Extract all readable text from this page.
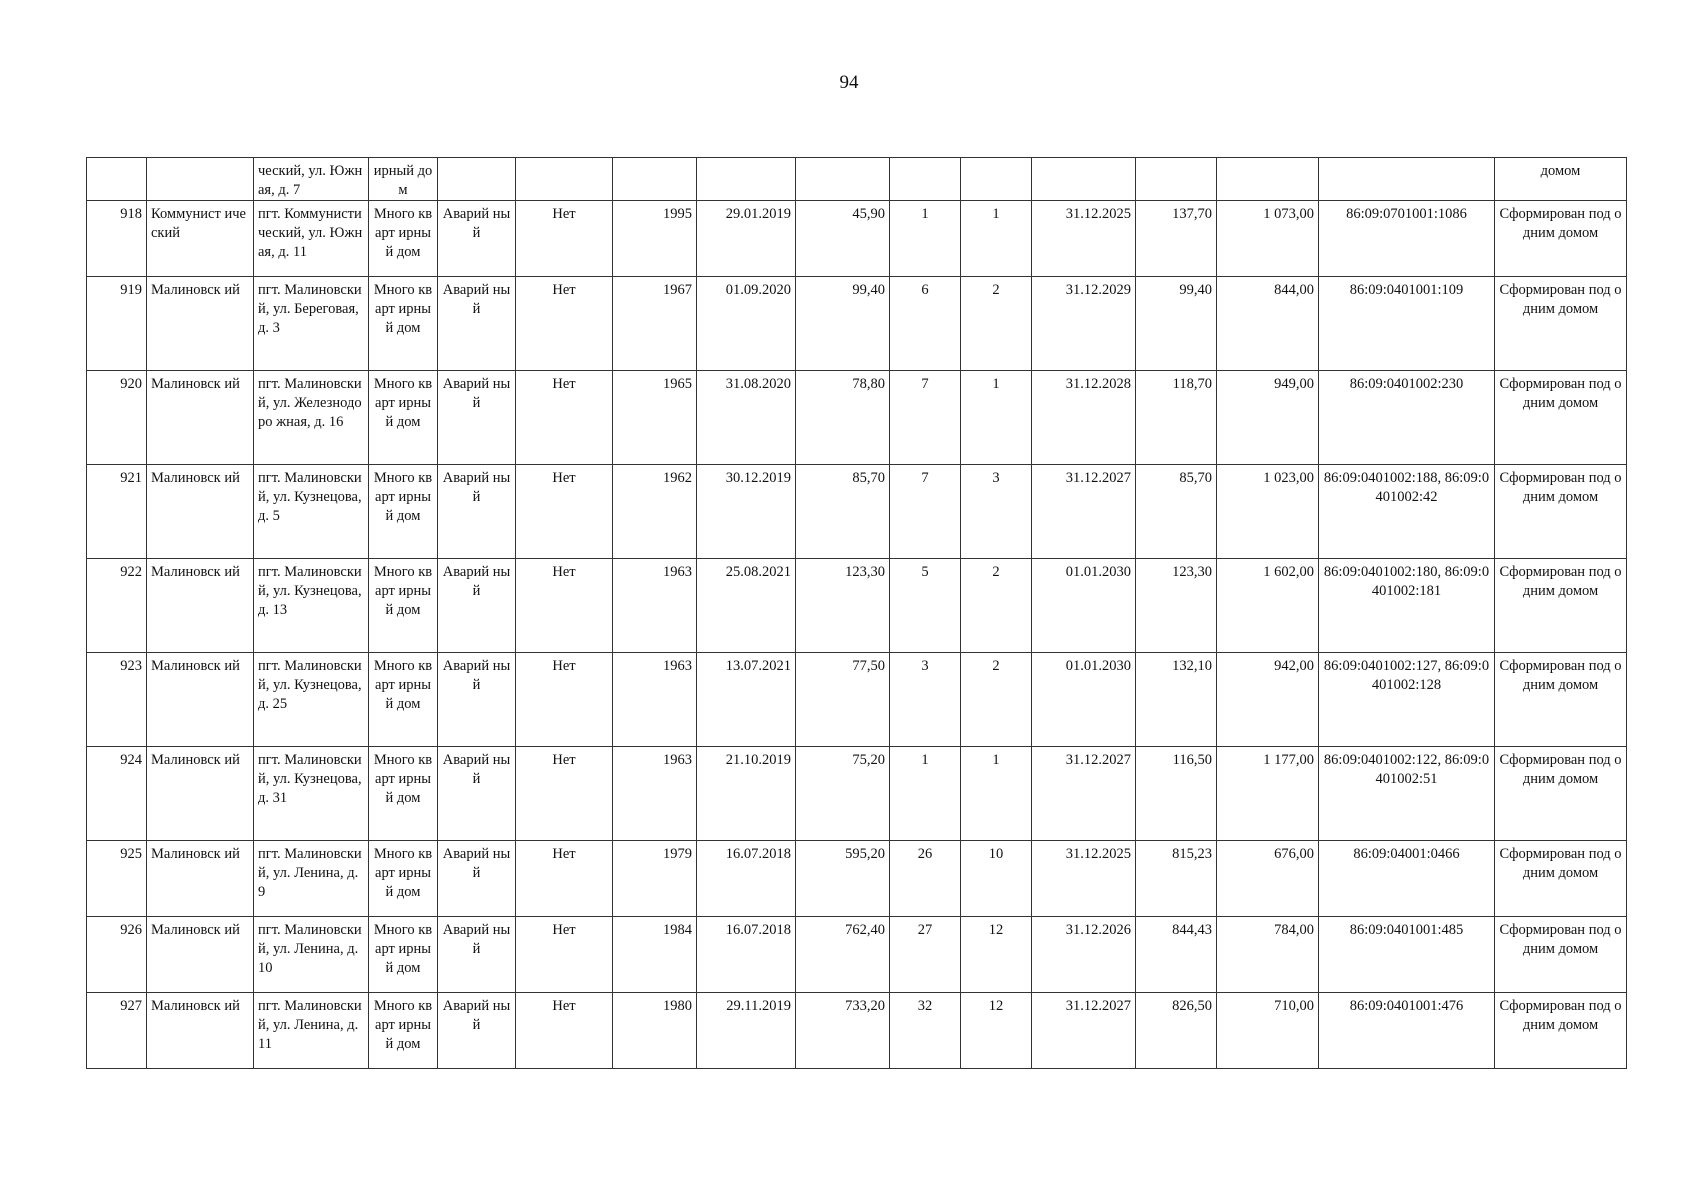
94
		ческий, ул. Южная, д. 7	ирный дом												домом
918	Коммунист ический	пгт. Коммунисти ческий, ул. Южная, д. 11	Много кварт ирный дом	Аварий ный	Нет	1995	29.01.2019	45,90	1	1	31.12.2025	137,70	1 073,00	86:09:0701001:1086	Сформирован под одним домом
919	Малиновск ий	пгт. Малиновски й, ул. Береговая, д. 3	Много кварт ирный дом	Аварий ный	Нет	1967	01.09.2020	99,40	6	2	31.12.2029	99,40	844,00	86:09:0401001:109	Сформирован под одним домом
920	Малиновск ий	пгт. Малиновски й, ул. Железнодоро жная, д. 16	Много кварт ирный дом	Аварий ный	Нет	1965	31.08.2020	78,80	7	1	31.12.2028	118,70	949,00	86:09:0401002:230	Сформирован под одним домом
921	Малиновск ий	пгт. Малиновски й, ул. Кузнецова, д. 5	Много кварт ирный дом	Аварий ный	Нет	1962	30.12.2019	85,70	7	3	31.12.2027	85,70	1 023,00	86:09:0401002:188, 86:09:0401002:42	Сформирован под одним домом
922	Малиновск ий	пгт. Малиновски й, ул. Кузнецова, д. 13	Много кварт ирный дом	Аварий ный	Нет	1963	25.08.2021	123,30	5	2	01.01.2030	123,30	1 602,00	86:09:0401002:180, 86:09:0401002:181	Сформирован под одним домом
923	Малиновск ий	пгт. Малиновски й, ул. Кузнецова, д. 25	Много кварт ирный дом	Аварий ный	Нет	1963	13.07.2021	77,50	3	2	01.01.2030	132,10	942,00	86:09:0401002:127, 86:09:0401002:128	Сформирован под одним домом
924	Малиновск ий	пгт. Малиновски й, ул. Кузнецова, д. 31	Много кварт ирный дом	Аварий ный	Нет	1963	21.10.2019	75,20	1	1	31.12.2027	116,50	1 177,00	86:09:0401002:122, 86:09:0401002:51	Сформирован под одним домом
925	Малиновск ий	пгт. Малиновски й, ул. Ленина, д. 9	Много кварт ирный дом	Аварий ный	Нет	1979	16.07.2018	595,20	26	10	31.12.2025	815,23	676,00	86:09:04001:0466	Сформирован под одним домом
926	Малиновск ий	пгт. Малиновски й, ул. Ленина, д. 10	Много кварт ирный дом	Аварий ный	Нет	1984	16.07.2018	762,40	27	12	31.12.2026	844,43	784,00	86:09:0401001:485	Сформирован под одним домом
927	Малиновск ий	пгт. Малиновски й, ул. Ленина, д. 11	Много кварт ирный дом	Аварий ный	Нет	1980	29.11.2019	733,20	32	12	31.12.2027	826,50	710,00	86:09:0401001:476	Сформирован под одним домом
